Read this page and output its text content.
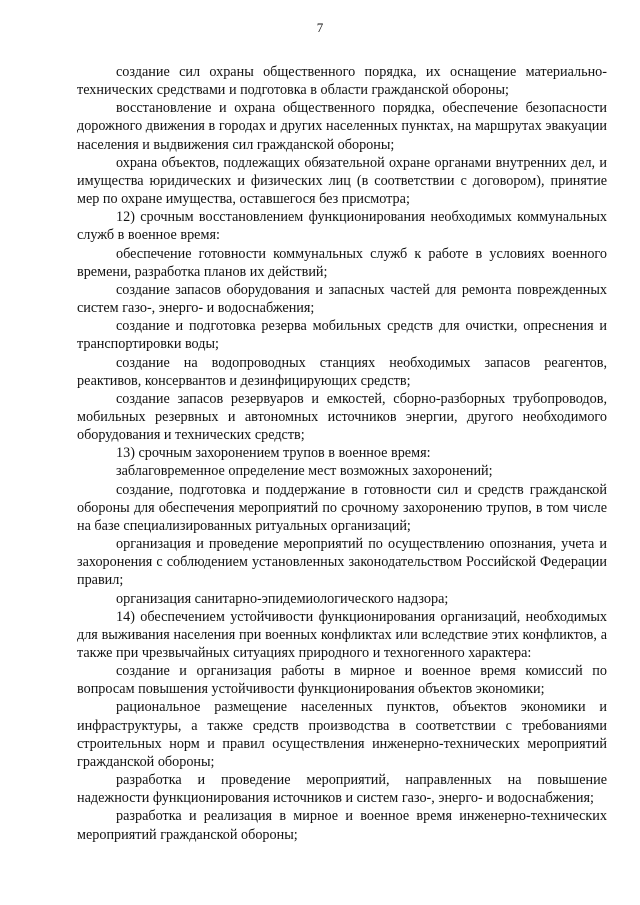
7

создание сил охраны общественного порядка, их оснащение материально-технических средствами и подготовка в области гражданской обороны;

восстановление и охрана общественного порядка, обеспечение безопасности дорожного движения в городах и других населенных пунктах, на маршрутах эвакуации населения и выдвижения сил гражданской обороны;

охрана объектов, подлежащих обязательной охране органами внутренних дел, и имущества юридических и физических лиц (в соответствии с договором), принятие мер по охране имущества, оставшегося без присмотра;

12) срочным восстановлением функционирования необходимых коммунальных служб в военное время:

обеспечение готовности коммунальных служб к работе в условиях военного времени, разработка планов их действий;

создание запасов оборудования и запасных частей для ремонта поврежденных систем газо-, энерго- и водоснабжения;

создание и подготовка резерва мобильных средств для очистки, опреснения и транспортировки воды;

создание на водопроводных станциях необходимых запасов реагентов, реактивов, консервантов и дезинфицирующих средств;

создание запасов резервуаров и емкостей, сборно-разборных трубопроводов, мобильных резервных и автономных источников энергии, другого необходимого оборудования и технических средств;

13) срочным захоронением трупов в военное время:

заблаговременное определение мест возможных захоронений;

создание, подготовка и поддержание в готовности сил и средств гражданской обороны для обеспечения мероприятий по срочному захоронению трупов, в том числе на базе специализированных ритуальных организаций;

организация и проведение мероприятий по осуществлению опознания, учета и захоронения с соблюдением установленных законодательством Российской Федерации правил;

организация санитарно-эпидемиологического надзора;

14) обеспечением устойчивости функционирования организаций, необходимых для выживания населения при военных конфликтах или вследствие этих конфликтов, а также при чрезвычайных ситуациях природного и техногенного характера:

создание и организация работы в мирное и военное время комиссий по вопросам повышения устойчивости функционирования объектов экономики;

рациональное размещение населенных пунктов, объектов экономики и инфраструктуры, а также средств производства в соответствии с требованиями строительных норм и правил осуществления инженерно-технических мероприятий гражданской обороны;

разработка и проведение мероприятий, направленных на повышение надежности функционирования источников и систем газо-, энерго- и водоснабжения;

разработка и реализация в мирное и военное время инженерно-технических мероприятий гражданской обороны;
